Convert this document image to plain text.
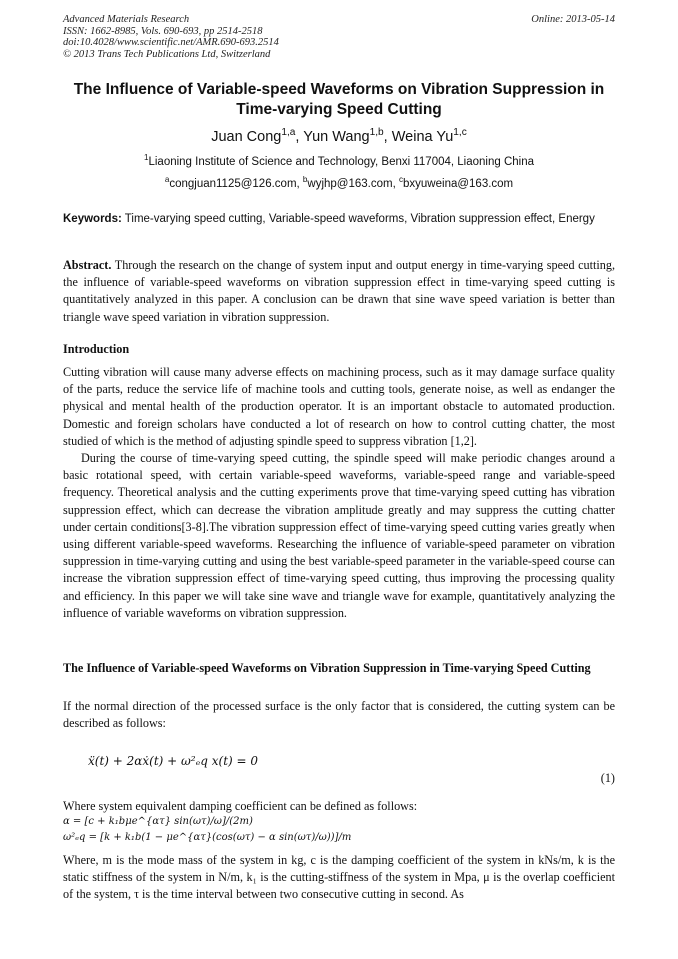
Advanced Materials Research
ISSN: 1662-8985, Vols. 690-693, pp 2514-2518
doi:10.4028/www.scientific.net/AMR.690-693.2514
© 2013 Trans Tech Publications Ltd, Switzerland
Online: 2013-05-14
The Influence of Variable-speed Waveforms on Vibration Suppression in Time-varying Speed Cutting
Juan Cong$^{1,a}$, Yun Wang$^{1,b}$, Weina Yu$^{1,c}$
$^1$Liaoning Institute of Science and Technology, Benxi 117004, Liaoning China
$^a$congjuan1125@126.com, $^b$wyjhp@163.com, $^c$bxyuweina@163.com
Keywords: Time-varying speed cutting, Variable-speed waveforms, Vibration suppression effect, Energy
Abstract. Through the research on the change of system input and output energy in time-varying speed cutting, the influence of variable-speed waveforms on vibration suppression effect in time-varying speed cutting is quantitatively analyzed in this paper. A conclusion can be drawn that sine wave speed variation is better than triangle wave speed variation in vibration suppression.
Introduction

Cutting vibration will cause many adverse effects on machining process, such as it may damage surface quality of the parts, reduce the service life of machine tools and cutting tools, generate noise, as well as endanger the physical and mental health of the production operator. It is an important obstacle to automated production. Domestic and foreign scholars have conducted a lot of research on how to control cutting chatter, the most studied of which is the method of adjusting spindle speed to suppress vibration [1,2].

During the course of time-varying speed cutting, the spindle speed will make periodic changes around a basic rotational speed, with certain variable-speed waveforms, variable-speed range and variable-speed frequency. Theoretical analysis and the cutting experiments prove that time-varying speed cutting has vibration suppression effect, which can decrease the vibration amplitude greatly and may suppress the cutting chatter under certain conditions[3-8].The vibration suppression effect of time-varying speed cutting varies greatly when using different variable-speed waveforms. Researching the influence of variable-speed parameter on vibration suppression in time-varying cutting and using the best variable-speed parameter in the variable-speed course can increase the vibration suppression effect of time-varying speed cutting, thus improving the processing quality and efficiency. In this paper we will take sine wave and triangle wave for example, quantitatively analyzing the influence of variable waveforms on vibration suppression.

The Influence of Variable-speed Waveforms on Vibration Suppression in Time-varying Speed Cutting
If the normal direction of the processed surface is the only factor that is considered, the cutting system can be described as follows:
ẍ(t) + 2αẋ(t) + ω²ₑq x(t) = 0
(1)
Where system equivalent damping coefficient can be defined as follows:
α = [c + k₁bμe^{ατ} sin(ωτ)/ω]/(2m)
ω²ₑq = [k + k₁b(1 − μe^{ατ}(cos(ωτ) − α sin(ωτ)/ω))]/m
Where, m is the mode mass of the system in kg, c is the damping coefficient of the system in kNs/m, k is the static stiffness of the system in N/m, k₁ is the cutting-stiffness of the system in Mpa, μ is the overlap coefficient of the system, τ is the time interval between two consecutive cutting in second. As
